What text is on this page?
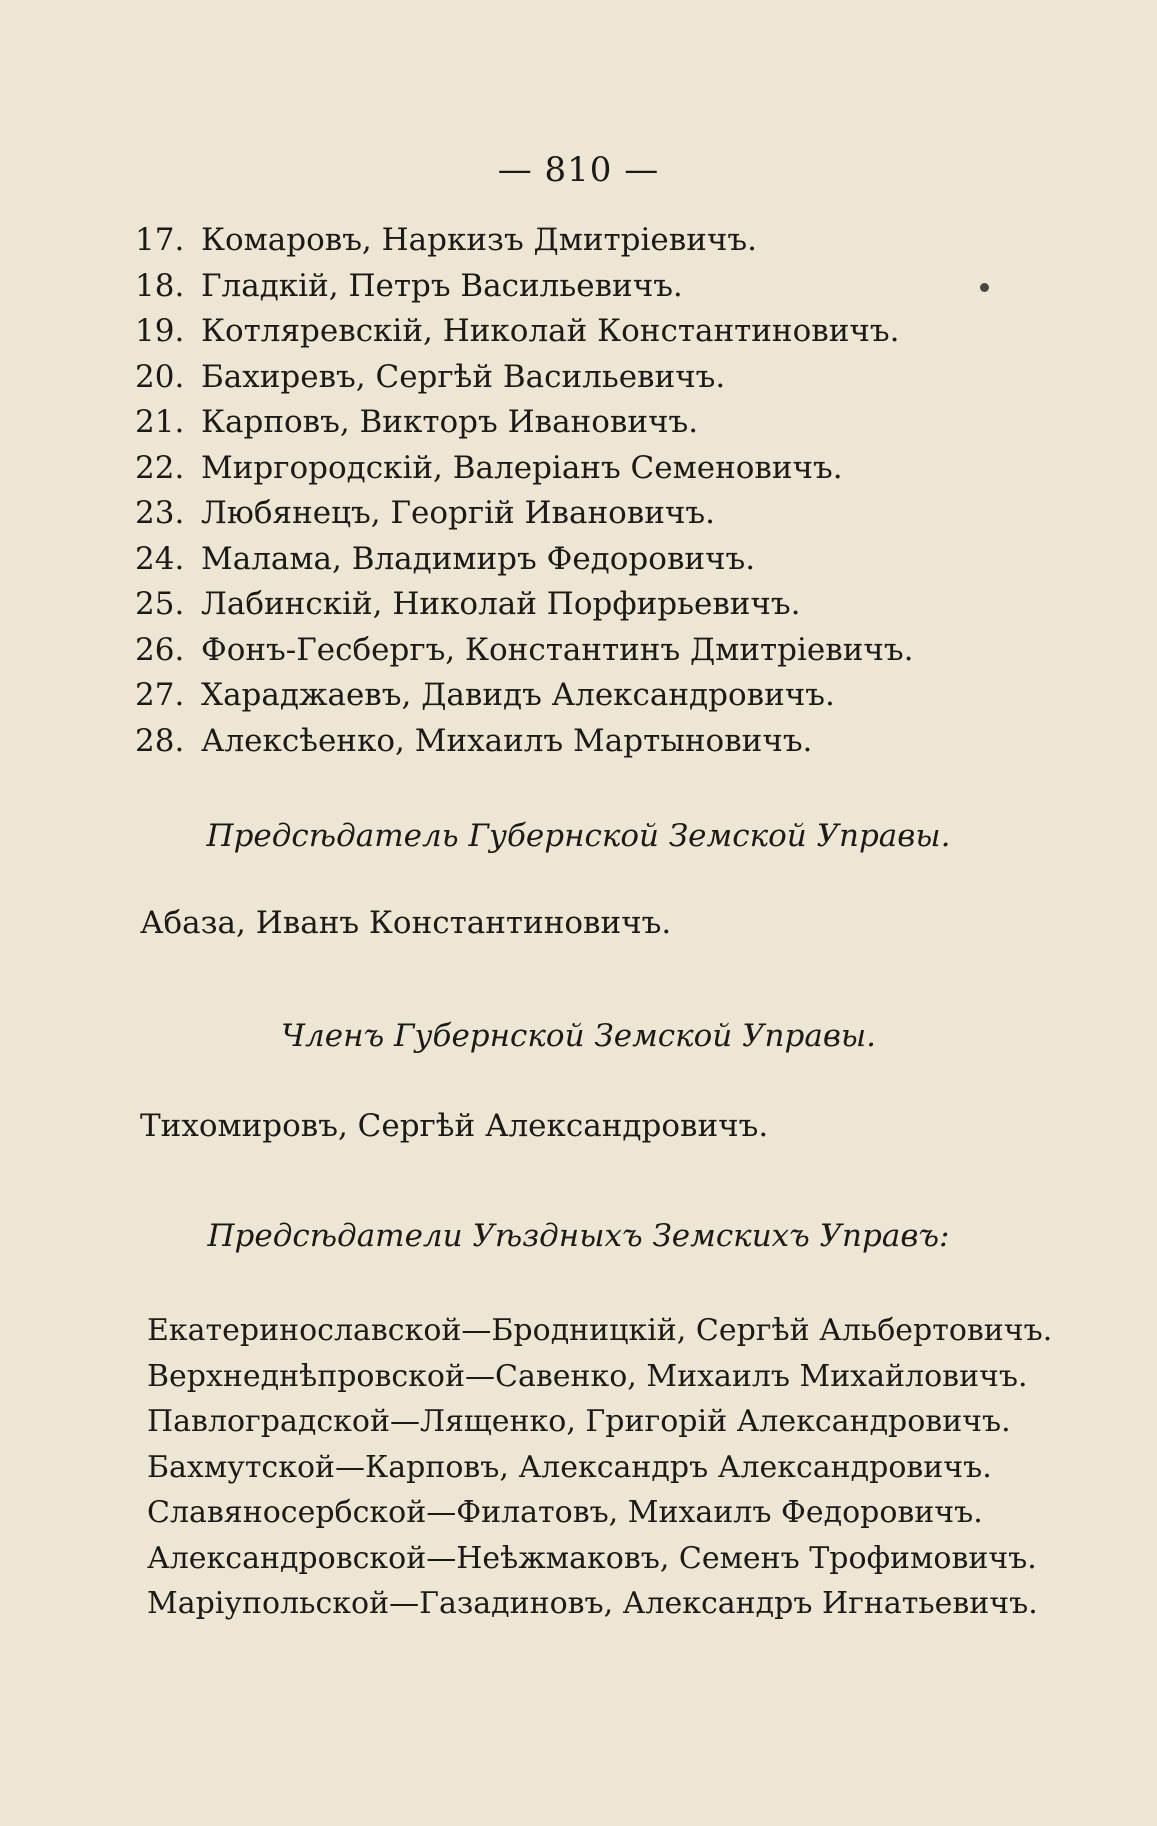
— 810 —
17. Комаровъ, Наркизъ Дмитріевичъ.
18. Гладкій, Петръ Васильевичъ.
19. Котляревскій, Николай Константиновичъ.
20. Бахиревъ, Сергѣй Васильевичъ.
21. Карповъ, Викторъ Ивановичъ.
22. Миргородскій, Валеріанъ Семеновичъ.
23. Любянецъ, Георгій Ивановичъ.
24. Малама, Владимиръ Федоровичъ.
25. Лабинскій, Николай Порфирьевичъ.
26. Фонъ-Гесбергъ, Константинъ Дмитріевичъ.
27. Хараджаевъ, Давидъ Александровичъ.
28. Алексѣенко, Михаилъ Мартыновичъ.
Предсѣдатель Губернской Земской Управы.
Абаза, Иванъ Константиновичъ.
Членъ Губернской Земской Управы.
Тихомировъ, Сергѣй Александровичъ.
Предсѣдатели Уѣздныхъ Земскихъ Управъ:
Екатеринославской—Бродницкій, Сергѣй Альбертовичъ.
Верхнеднѣпровской—Савенко, Михаилъ Михайловичъ.
Павлоградской—Лященко, Григорій Александровичъ.
Бахмутской—Карповъ, Александръ Александровичъ.
Славяносербской—Филатовъ, Михаилъ Федоровичъ.
Александровской—Неѣжмаковъ, Семенъ Трофимовичъ.
Маріупольской—Газадиновъ, Александръ Игнатьевичъ.
